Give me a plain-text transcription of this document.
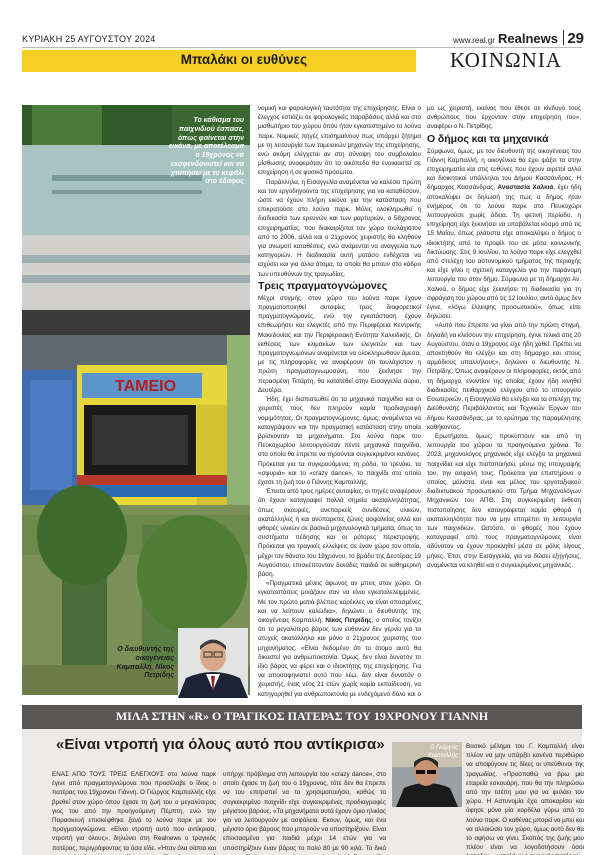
ΚΥΡΙΑΚΗ 25 ΑΥΓΟΥΣΤΟΥ 2024	www.real.gr Realnews 29
Μπαλάκι οι ευθύνες	ΚΟΙΝΩΝΙΑ
ΤΑΜΕΙΟ
Το κάθισμα του παιχνιδιού έσπασε, όπως φαίνεται στην εικόνα, με αποτέλεσμα ο 19χρονος να εκσφενδονιστεί και να χτυπήσει με το κεφάλι στο έδαφος
Ο διευθυντής της οικογένειας Καμπαλλή, Νίκος Πετρίδης

νομική και φορολογική ταυτότητα της επιχείρησης. Είναι ο έλεγχος εστιάζει σε φορολογικές παραβάσεις αλλά και στο μισθωτήριο του χώρου όπου ήταν εγκατεστημένο το λούνα παρκ. Νομικές πηγές επισημαίνουν πως υπάρχει ζήτημα με τη λειτουργία των ταμειακών μηχανών της επιχείρησης, ενώ ακόμη ελέγχεται αν στη σύναψη του συμβολαίου μίσθωσης αναφερόταν ότι το οικόπεδο θα ενοικιαστεί σε επιχείρηση ή σε φυσικό πρόσωπο.

Παράλληλα, η Εισαγγελία αναμένεται να καλέσει πρώτη και τον εργοδηγούντα της επιχείρησης για να καταθέσουν, ώστε να έχουν πλήρη εικόνα για την κατάσταση που επικρατούσε στο λούνα παρκ. Μόλις ολοκληρωθεί η διαδικασία των ερευνών και των μαρτυριών, ο 58χρονος επιχειρηματίας, που διακαιρίζεται τον χώρο τουλάχιστον από το 2006, αλλά και ο 21χρονος χειριστής θα κληθούν για ανωμοτί καταθέσεις, ενώ ανάμενται να αναγγελία των κατηγοριών. Η διαδικασία αυτή μοτάσο ενδέχεται να ισχύσει και για άλλα άτομα, τα οποία θα μπουν στο κάδρο των υπευθύνων της τραγωδίας.

Τρεις πραγματογνώμονες

Μέχρι στιγμής, στον χώρο του λούνα παρκ έχουν πραγματοποιηθεί αυτοψίες τρεις διαφορετικοί πραγματογνώμονες, ενώ την εγκατάσταση έχουν επιθεωρήσει και ελεγκτές από την Περιφέρεια Κεντρικής Μακεδονίας και την Περιφερειακή Ενότητα Χαλκιδικής. Οι εκθέσεις των κλιμακίων των ελεγκτών και των πραγματογνωμόνων αναμένεται να ολοκληρωθούν άμεσα, με τις πληροφορίες να αναφέρουν ότι τουλάχιστον η πρώτη πραγματογνωμοσύνη, που ξεκίνησε την περασμένη Τετάρτη, θα κατατεθεί στην Εισαγγελία αύριο, Δευτέρα.

Ήδη, έχει διαπιστωθεί ότι τα μηχανικά παιχνίδια και οι χειριστές τους δεν πληρούν καμία προδιαγραφή νομιμότητας. Οι πραγματογνώμονες, όμως, αναμένεται να καταγράψουν και την πραγματική κατάσταση στην οποία βρίσκονταν τα μηχανήματα. Στο λούνα παρκ του Πευκοχωρίου λειτουργούσαν πέντε μηχανικά παιχνίδια, στα οποία θα έπρεπε να τηρούνται συγκεκριμένοι κανόνες. Πρόκειται για τα συγκρουόμενα, τη ρόδα, το τρενάκι, τα «σφυριά» και το «crazy dance», το παιχνίδι στο οποίο έχασε τη ζωή του ο Γιάννης Καμπαλλής.

Έπειτα από τρεις ημέρες αυτοψίας, οι πηγές αναφέρουν ότι έχουν καταγραφεί πολλά σημεία ακαταλληλότητας, όπως σκουριές, ανεπαρκείς συνδέσεις υλικών, ακατάλληλες ή και ανύπαρκτες ζώνες ασφαλείας αλλά και φθορές υλικών σε βασικά μηχανολογικά τμήματα, όπως τα συστήματα πέδησης και οι ρότορες περιστροφής. Πρόκειται για τραγικές ελλείψεις σε έναν χώρο τον οποίο, μέχρι τον θάνατο του 19χρονου, το βράδυ της Δευτέρας 19 Αυγούστου, επισκέπτονταν δεκάδες παιδιά σε καθημερινή βάση.

«Πραγματικά μένεις άφωνος αν μπεις στον χώρο. Οι εγκαταστάσεις μοιάζουν σαν να είναι εγκαταλελειμμένες. Με τον πρώτο ματιά βλέπεις καρέκλες να είναι σπασμένες και να λείπουν καλώδια», δηλώνει ο διευθυντής της οικογένειας Καμπαλλή, Νίκος Πετρίδης, ο οποίος τονίζει ότι το μεγαλύτερο βάρος των ευθυνών δεν γέρνει για τα ατυχείς ακατάλληλα και μόνο ο 21χρονος χειριστής του μηχανήματος. «Είναι δεδομένο ότι το άτομο αυτό θα δικαστεί για ανθρωποκτονία. Όμως, δεν είναι δυνατόν το ίδιο βάρος να φέρει και ο ιδιοκτήτης της επιχείρησης. Για να αποσαφηνιστεί αυτό που λέω, δεν είναι δυνατόν ο χειριστής, ένας νέος 21 ετών χωρίς καμία εκπαίδευση, να κατηγορηθεί για ανθρωποκτονία με ενδεχόμενο δόλο και ο

μο ως χειριστή, εκείνος που έθεσε σε κίνδυνο τους ανθρώπους που έρχονταν στην επιχείρηση του», αναφέρει ο Ν. Πετρίδης.

Ο δήμος και τα μηχανικά

Σύμφωνα, όμως, με τον διευθυντή της οικογένειας του Γιάννη Καμπαλλή, η οικογένεια θα έχει ψάξει τα στην επιχειρηματία και στις ευθύνες που έχουν αιρετοί αλλά και διοικητικοί υπάλληλοι του Δήμου Κασσάνδρας. Η δήμαρχος Κασσάνδρας, Αναστασία Χαλκιά, έχει ήδη αποκαλύψει σε δηλωσή της πως ο δήμος ήταν ενήμερος ότι το λούνα παρκ στο Πευκοχώρι λειτουργούσε χωρίς άδεια. Τη φετινή περίοδο, η επιχείρηση είχε ξεκινήσει να υποβάλεται κόσμο από τις 15 Μαΐου, όπως ρλάτιστα είχε αποκαλύψει ο δήμος ο ιδιοκτήτης από το προφίλ του σε μέσα κοινωνικής δικτύωσης. Στις 9 Ιουλίου, το λούνα παρκ είχε ελεγχθεί από στελέχη του αστυνομικού τμήματος της περιοχής και είχε γίνει η σχετική καταγγελία για την παράνομη λειτουργία του στον δήμο. Σύμφωνα με τη δήμαρχο Αν. Χαλκιά, ο δήμος είχε ξεκινήσει τη διαδικασία για τη σφράγιση του χώρου από τις 12 Ιουλίου, αυτό όμως δεν έγινε, «λόγω έλλειψης προσωπικού», όπως είπε δηλώσει.

«Αυτό που έπρεπε να γίνει από την πρώτη στιγμή, δηλαδή να κλείσουν την επιχείρηση, έγινε τελικά στις 20 Αυγούστου, όταν ο 19χρονος είχε ήδη χαθεί. Πρέπει να αποκτηθούν θα ελέγξει και στη δήμαρχο και στους αρμόδιους υπαλλήλους», δηλώνει ο διευθυντής Ν. Πετρίδης. Όπως αναφέρουν οι πληροφορίες, εκτός από τη δήμαρχο, εναντίον της οποίας έχουν ήδη κινηθεί διαδικασίες πειθαρχικού ελέγχου από το υπουργείο Εσωτερικών, η Εισαγγελία θα ελέγξει και τα στελέχη της Διεύθυνσης Περιβάλλοντος και Τεχνικών Έργων του δήμου Κασσάνδρας, με το ερώτημα της παραμέλησης καθήκοντος.

Ερωτήματα, όμως, προκύπτουν και από τη λειτουργία του χώρου τα προηγούμενα χρόνια. Το 2023, μηχανολόγος μηχανικός είχε ελέγξει τα μηχανικά παιχνίδια και είχε πιστοποιήσει, μέσω της υπογραφής του, την ασφαλή τους. Πρόκειται για επιστήμονα ο οποίος, μάλιστα, είναι και μέλος του εργοταξιακού διαδικτυακού προσωπικού στο Τμήμα Μηχανολόγων Μηχανικών του ΑΠΘ. Στη συγκεκριμένη έκθεση πιστοποίησης δεν καταγράφεται καμία φθορά ή ακαταλληλότητα που να μην επιτρέπει τη λειτουργία των παιχνιδιών. Ωστόσο, οι φθορές που έχουν καταγραφεί από τους πραγματογνώμονες είναι αδύνατον να έχουν προκληθεί μέσα σε μόλις λίγους μήνες. Έτσι, στην Εισαγγελία, για να δώσει εξηγήσεις, αναμένεται να κληθεί και ο συγκεκριμένος μηχανικός.

ΜΙΛΑ ΣΤΗΝ «R» Ο ΤΡΑΓΙΚΟΣ ΠΑΤΕΡΑΣ ΤΟΥ 19ΧΡΟΝΟΥ ΓΙΑΝΝΗ
«Είναι ντροπή για όλους αυτό που αντίκρισα»

ΕΝΑΣ ΑΠΟ ΤΟΥΣ ΤΡΕΙΣ ΕΛΕΓΧΟΥΣ στο λούνα παρκ έγινε από πραγματογνώμονα που προσέλαβε ο ίδιος ο πατέρας του 19χρονου Γιάννη. Ο Γιώργος Καμπαλλής είχε βρεθεί στον χώρο όπου έχασε τη ζωή του ο μεγαλύτερος γιος του από την προηγούμενη Πέμπτη, ενώ την Παρασκευή επισκέφθηκε ξανά το λούνα παρκ με τον πραγματογνώμονα. «Είναι ντροπή αυτό που αντίκρισα, ντροπή για όλους», δηλώνει στη Realnews ο τραγικός πατέρας, περιγράφοντας τα όσα είδε. «Ήταν όλα σάπια και

υπήρχε πρόβλημα στη λειτουργία του «crazy dance», στο οποίο έχασε τη ζωή του ο 19χρονος, τότε δεν θα έπρεπε να του επιτραπεί να το χρησιμοποιήσει, καθώς το συγκεκριμένο παιχνίδι είχε συγκεκριμένες προδιαγραφές μέγιστου βάρους. «Τα μηχανήματα αυτά έχουν όριο ηλικίας για να λειτουργούν με ασφάλεια. Εκουν, όμως, και ένα μέγιστο όριο βάρους που μπορούν να υποστηρίξουν. Είναι επεκτασμένα για παιδιά μέχρι 14 ετών για να υποστηρίζουν έναν βάρος το πολύ 80 με 90 κιλά. Το δικό

Ο Γιώργος Καμπαλλής

Βασικό μέλημα του Γ. Καμπαλλή είναι πλέον να μην υπάρξει κανένα περιθώριο να αποφύγουν τις δίκες οι υπεύθυνοι της τραγωδίας. «Προσπαθώ να βρω μια εταιρεία εσκουάρη, που θα την πληρώσω από την τσέπη μου για να φυλάει τον χώρο. Η Αστυνομία έχει αποκαρίσει και άφησε μόνο μία κορδέλα γύρω από το λούνα παρκ. Ο καθένας μπορεί να μπει και να αλλοιώσει τον χώρο, όμως αυτό δεν θα το αφήσω να γίνει. Σκοπός της ζωής μου πλέον είναι να λογοδοτήσουν όσοι
